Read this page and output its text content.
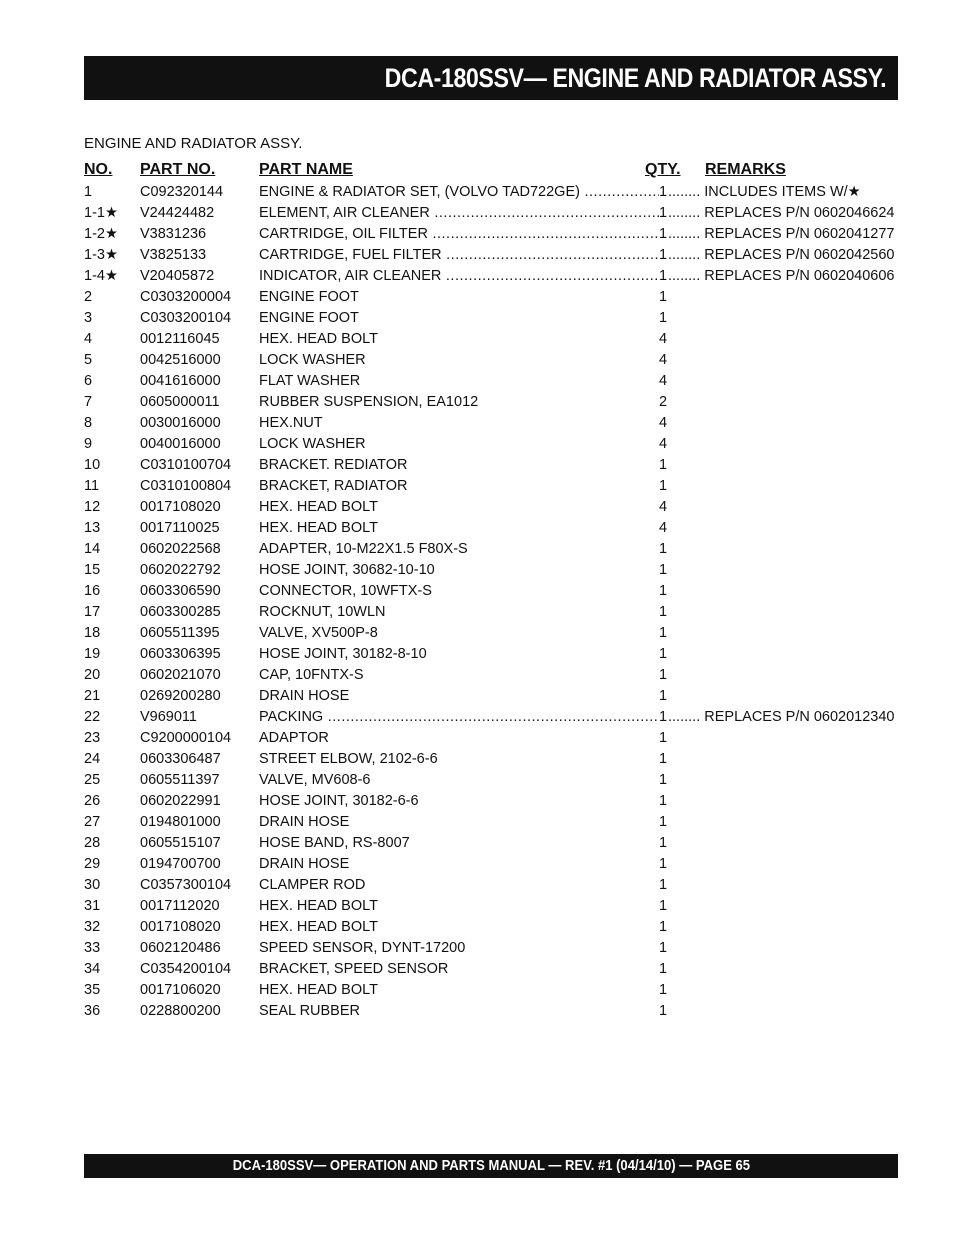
DCA-180SSV— ENGINE AND RADIATOR ASSY.
ENGINE AND RADIATOR ASSY.
NO. PART NO.	PART NAME	QTY. REMARKS
1	C092320144 ENGINE & RADIATOR SET, (VOLVO TAD722GE) .....	1	..... INCLUDES ITEMS W/★
1-1★ V24424482	ELEMENT, AIR CLEANER .....	1	..... REPLACES P/N 0602046624
1-2★ V3831236	CARTRIDGE, OIL FILTER .....	1	..... REPLACES P/N 0602041277
1-3★ V3825133	CARTRIDGE, FUEL FILTER .....	1	..... REPLACES P/N 0602042560
1-4★ V20405872	INDICATOR, AIR CLEANER .....	1	..... REPLACES P/N 0602040606
2	C0303200004 ENGINE FOOT	1
3	C0303200104 ENGINE FOOT	1
4	0012116045	HEX. HEAD BOLT	4
5	0042516000	LOCK WASHER	4
6	0041616000	FLAT WASHER	4
7	0605000011	RUBBER SUSPENSION, EA1012	2
8	0030016000	HEX.NUT	4
9	0040016000	LOCK WASHER	4
10	C0310100704 BRACKET. REDIATOR	1
11	C0310100804 BRACKET, RADIATOR	1
12	0017108020	HEX. HEAD BOLT	4
13	0017110025	HEX. HEAD BOLT	4
14	0602022568	ADAPTER, 10-M22X1.5 F80X-S	1
15	0602022792	HOSE JOINT, 30682-10-10	1
16	0603306590	CONNECTOR, 10WFTX-S	1
17	0603300285	ROCKNUT, 10WLN	1
18	0605511395	VALVE, XV500P-8	1
19	0603306395	HOSE JOINT, 30182-8-10	1
20	0602021070	CAP, 10FNTX-S	1
21	0269200280	DRAIN HOSE	1
22	V969011	PACKING .....	1	..... REPLACES P/N 0602012340
23	C9200000104 ADAPTOR	1
24	0603306487	STREET ELBOW, 2102-6-6	1
25	0605511397	VALVE, MV608-6	1
26	0602022991	HOSE JOINT, 30182-6-6	1
27	0194801000	DRAIN HOSE	1
28	0605515107	HOSE BAND, RS-8007	1
29	0194700700	DRAIN HOSE	1
30	C0357300104 CLAMPER ROD	1
31	0017112020	HEX. HEAD BOLT	1
32	0017108020	HEX. HEAD BOLT	1
33	0602120486	SPEED SENSOR, DYNT-17200	1
34	C0354200104 BRACKET, SPEED SENSOR	1
35	0017106020	HEX. HEAD BOLT	1
36	0228800200	SEAL RUBBER	1
DCA-180SSV— OPERATION AND PARTS MANUAL — REV. #1 (04/14/10) — PAGE 65
